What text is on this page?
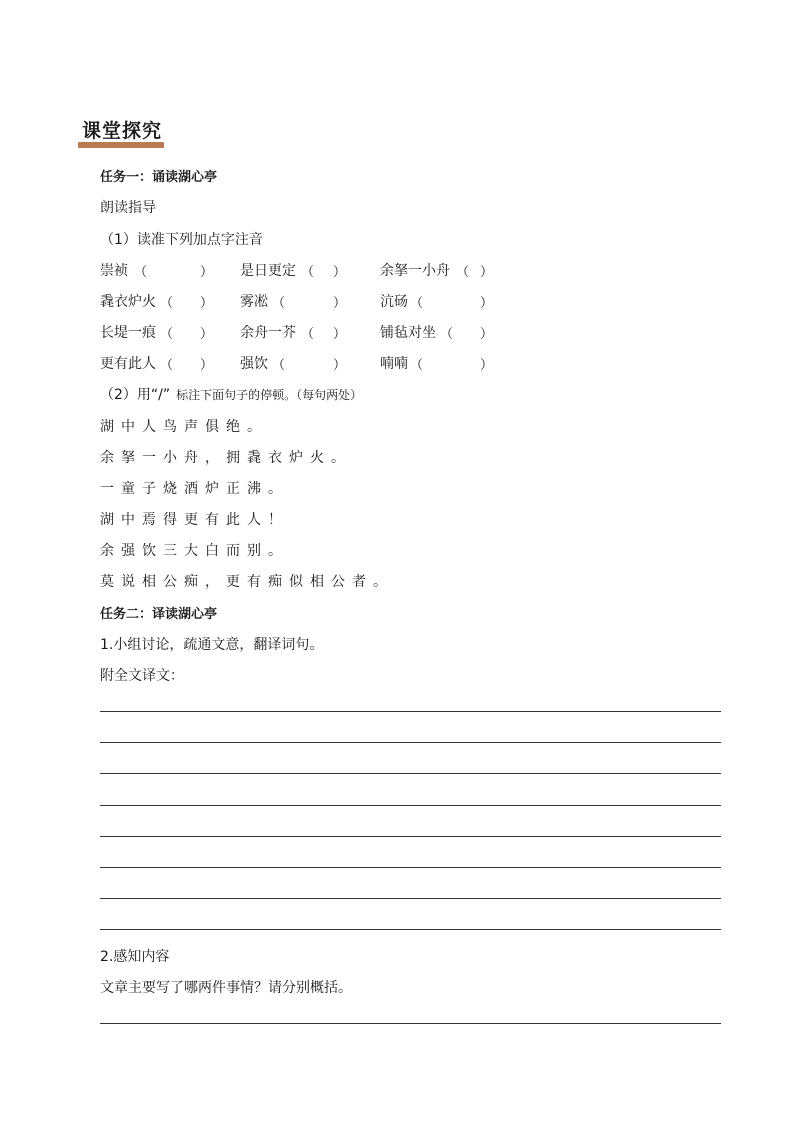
课堂探究
任务一：诵读湖心亭
朗读指导
（1）读准下列加点字注音
崇祯 （	） 是日更定 （ ） 余拏一小舟 （ ）
毳衣炉火 （ ） 雾凇 （	） 沆砀 （	）
长堤一痕 （ ） 余舟一芥 （ ） 铺毡对坐 （ ）
更有此人 （ ） 强饮 （	） 喃喃 （	）
（2）用“/” 标注下面句子的停顿。（每句两处）
湖中人鸟声俱绝。
余拏一小舟，拥毳衣炉火。
一童子烧酒炉正沸。
湖中焉得更有此人！
余强饮三大白而别。
莫说相公痴，更有痴似相公者。
任务二：译读湖心亭
1.小组讨论，疏通文意，翻译词句。
附全文译文：
2.感知内容
文章主要写了哪两件事情？请分别概括。
